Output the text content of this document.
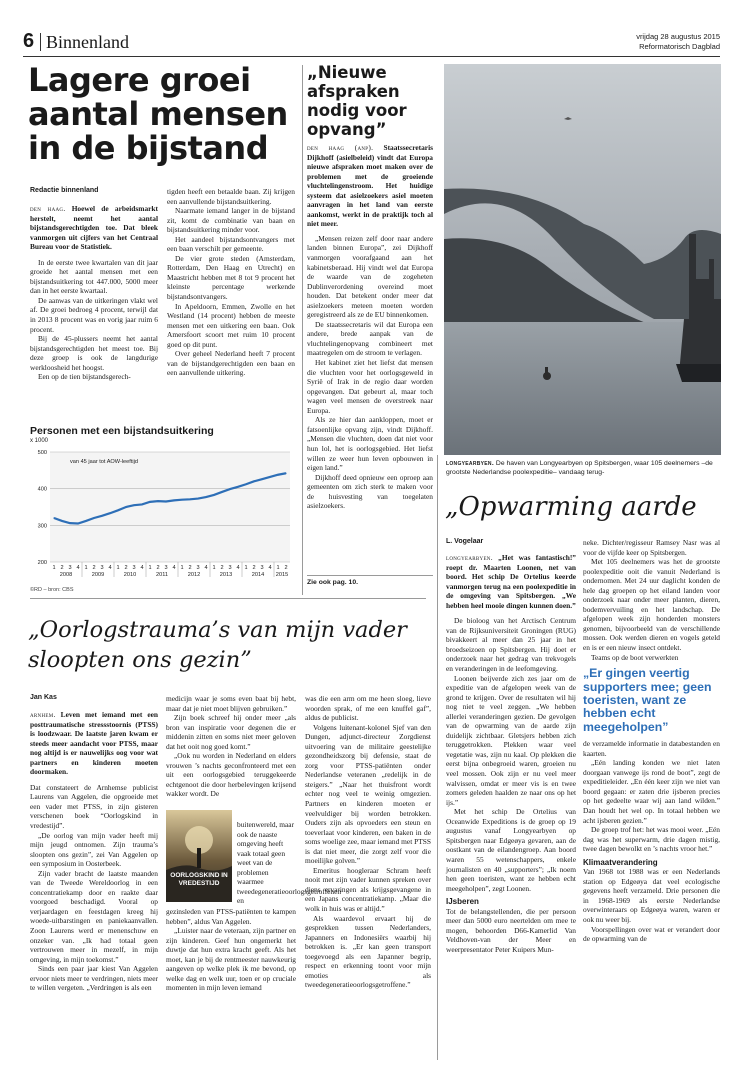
6 Binnenland	vrijdag 28 augustus 2015
Reformatorisch Dagblad
Lagere groei aantal mensen in de bijstand
Redactie binnenland

den haag. Hoewel de arbeidsmarkt herstelt, neemt het aantal bijstandsgerechtigden toe. Dat bleek vanmorgen uit cijfers van het Centraal Bureau voor de Statistiek.

In de eerste twee kwartalen van dit jaar groeide het aantal mensen met een bijstandsuitkering tot 447.000, 5000 meer dan in het eerste kwartaal.

De aanwas van de uitkeringen vlakt wel af. De groei bedroeg 4 procent, terwijl dat in 2013 8 procent was en vorig jaar ruim 6 procent.

Bij de 45-plussers neemt het aantal bijstandsgerechtigden het meest toe. Bij deze groep is ook de langdurige werkloosheid het hoogst.

Een op de tien bijstandsgerech-

tigden heeft een betaalde baan. Zij krijgen een aanvullende bijstandsuitkering.

Naarmate iemand langer in de bijstand zit, komt de combinatie van baan en bijstandsuitkering minder voor.

Het aandeel bijstandsontvangers met een baan verschilt per gemeente.

De vier grote steden (Amsterdam, Rotterdam, Den Haag en Utrecht) en Maastricht hebben met 8 tot 9 procent het kleinste percentage werkende bijstandsontvangers.

In Apeldoorn, Emmen, Zwolle en het Westland (14 procent) hebben de meeste mensen met een uitkering een baan. Ook Amersfoort scoort met ruim 10 procent goed op dit punt.

Over geheel Nederland heeft 7 procent van de bijstandgerechtigden een baan en een aanvullende uitkering.

Personen met een bijstandsuitkering
x 1000
200
300
400
500
1 2 3 4 1 2 3 4 1 2 3 4 1 2 3 4 1 2 3 4 1 2 3 4 1 2 3 4 1 2
2008	2009	2010	2011	2012	2013	2014 2015
van 45 jaar tot AOW-leeftijd
©RD – bron: CBS
„Nieuwe afspraken nodig voor opvang”

den haag (anp). Staatssecretaris Dijkhoff (asielbeleid) vindt dat Europa nieuwe afspraken moet maken over de problemen met de groeiende vluchtelingenstroom. Het huidige systeem dat asielzoekers asiel moeten aanvragen in het land van eerste aankomst, werkt in de praktijk toch al niet meer.

„Mensen reizen zelf door naar andere landen binnen Europa”, zei Dijkhoff vanmorgen voorafgaand aan het kabinetsberaad. Hij vindt wel dat Europa de waarde van de zogeheten Dublinverordening overeind moet houden. Dat betekent onder meer dat asielzoekers meteen moeten worden geregistreerd als ze de EU binnenkomen.

De staatssecretaris wil dat Europa een andere, brede aanpak van de vluchtelingenopvang combineert met maatregelen om de stroom te verlagen.

Het kabinet ziet het liefst dat mensen die vluchten voor het oorlogsgeweld in Syrië of Irak in de regio daar worden opgevangen. Dat gebeurt al, maar toch wagen veel mensen de overstreek naar Europa.

Als ze hier dan aankloppen, moet er fatsoenlijke opvang zijn, vindt Dijkhoff. „Mensen die vluchten, doen dat niet voor hun lol, het is oorlogsgebied. Het liefst willen ze weer hun leven opbouwen in eigen land.”

Dijkhoff deed opnieuw een oproep aan gemeenten om zich sterk te maken voor de huisvesting van toegelaten asielzoekers.

Zie ook pag. 10.
longyearbyen. De haven van Longyearbyen op Spitsbergen, waar 105 deelnemers –de grootste Nederlandse poolexpeditie– vandaag terug-
„Opwarming aarde
L. Vogelaar

longyearbyen. „Het was fantastisch!” roept dr. Maarten Loonen, net van boord. Het schip De Ortelius keerde vanmorgen terug na een poolexpeditie in de omgeving van Spitsbergen. „We hebben heel mooie dingen kunnen doen.”

De bioloog van het Arctisch Centrum van de Rijksuniversiteit Groningen (RUG) bivakkeert al meer dan 25 jaar in het broedseizoen op Spitsbergen. Hij doet er onderzoek naar het gedrag van trekvogels en veranderingen in de leefomgeving.

Loonen beijverde zich zes jaar om de expeditie van de afgelopen week van de grond te krijgen. Over de resultaten wil hij nog niet te veel zeggen. „We hebben allerlei veranderingen gezien. De gevolgen van de opwarming van de aarde zijn duidelijk zichtbaar. Gletsjers hebben zich teruggetrokken. Plekken waar veel vegetatie was, zijn nu kaal. Op plekken die eerst bijna onbegroeid waren, groeien nu veel mossen. Ook zijn er nu veel meer walvissen, omdat er meer vis is en twee zomers geleden haalden ze naar ons op het ijs.”

Met het schip De Ortelius van Oceanwide Expeditions is de groep op 19 augustus vanaf Longyearbyen op Spitsbergen naar Edgeøya gevaren, aan de oostkant van de eilandengroep. Aan boord waren 55 wetenschappers, enkele journalisten en 40 „supporters”; „Ik noem hen geen toeristen, want ze hebben echt meegeholpen”, zegt Loonen.

IJsberen

Tot de belangstellenden, die per persoon meer dan 5000 euro neertelden om mee te mogen, behoorden D66-Kamerlid Van Veldhoven-van der Meer en weerpresentator Peter Kuipers Mun-

neke. Dichter/regisseur Ramsey Nasr was al voor de vijfde keer op Spitsbergen.

Met 105 deelnemers was het de grootste poolexpeditie ooit die vanuit Nederland is ondernomen. Met 24 uur daglicht konden de hele dag groepen op het eiland landen voor onderzoek naar onder meer planten, dieren, bodemvervuiling en het landschap. De afgelopen week zijn honderden monsters genomen, bijvoorbeeld van de verschillende mossen. Ook werden dieren en vogels geteld en is er een nieuw insect ontdekt.

Teams op de boot verwerkten

„Er gingen veertig supporters mee; geen toeristen, want ze hebben echt meegeholpen”

de verzamelde informatie in databestanden en kaarten.

„Eén landing konden we niet laten doorgaan vanwege ijs rond de boot”, zegt de expeditieleider. „En één keer zijn we niet van boord gegaan: er zaten drie ijsberen precies op het gedeelte waar wij aan land wilden.” Dan houdt het wel op. In totaal hebben we acht ijsberen gezien.”

De groep trof het: het was mooi weer. „Eén dag was het superwarm, drie dagen mistig, twee dagen bewolkt en ’s nachts vroor het.”

Klimaatverandering

Van 1968 tot 1988 was er een Nederlands station op Edgeøya dat veel ecologische gegevens heeft verzameld. Drie personen die in 1968-1969 als eerste Nederlandse overwinteraars op Edgeøya waren, waren er ook nu weer bij.

Voorspellingen over wat er verandert door de opwarming van de

„Oorlogstrauma’s van mijn vader sloopten ons gezin”
Jan Kas

arnhem. Leven met iemand met een posttraumatische stressstoornis (PTSS) is loodzwaar. De laatste jaren kwam er steeds meer aandacht voor PTSS, maar nog altijd is er nauwelijks oog voor wat partners en kinderen moeten doormaken.

Dat constateert de Arnhemse publicist Laurens van Aggelen, die opgroeide met een vader met PTSS, in zijn gisteren verschenen boek “Oorlogskind in vredestijd”.

„De oorlog van mijn vader heeft mij mijn jeugd ontnomen. Zijn trauma’s sloopten ons gezin”, zei Van Aggelen op een symposium in Oosterbeek.

Zijn vader bracht de laatste maanden van de Tweede Wereldoorlog in een concentratiekamp door en raakte daar voorgoed beschadigd. Vooral op verjaardagen en feestdagen kreeg hij woede-uitbarstingen en paniekaanvallen. Zoon Laurens werd er menenschuw en onzeker van. „Ik had totaal geen vertrouwen meer in mezelf, in mijn omgeving, in mijn toekomst.”

Sinds een paar jaar kiest Van Aggelen ervoor niets meer te verdringen, niets meer te willen vergeten. „Verdringen is als een

medicijn waar je soms even baat bij hebt, maar dat je niet moet blijven gebruiken.”

Zijn boek schreef hij onder meer „als bron van inspiratie voor degenen die er middenin zitten en soms niet meer geloven dat het ooit nog goed komt.”

„Ook nu worden in Nederland en elders vrouwen ’s nachts geconfronteerd met een uit een oorlogsgebied teruggekeerde echtgenoot die door herbelevingen krijsend wakker wordt. De

OORLOGSKIND IN VREDESTIJD
buitenwereld, maar ook de naaste omgeving heeft vaak totaal geen weet van de problemen waarmee tweedegeneratieoorlogsgetroffenen en

gezinsleden van PTSS-patiënten te kampen hebben”, aldus Van Aggelen.

„Luister naar de veteraan, zijn partner en zijn kinderen. Geef hun ongemerkt het duwtje dat hun extra kracht geeft. Als het moet, kan je bij de rentmeester nauwkeurig aangeven op welke plek ik me bevond, op welke dag en welk uur, toen er op cruciale momenten in mijn leven iemand

was die een arm om me heen sloeg, lieve woorden sprak, of me een knuffel gaf”, aldus de publicist.

Volgens luitenant-kolonel Sjef van den Dungen, adjunct-directeur Zorgdienst uitvoering van de militaire geestelijke gezondheidszorg bij defensie, staat de zorg voor PTSS-patiënten onder Nederlandse veteranen „redelijk in de steigers.” „Naar het thuisfront wordt echter nog veel te weinig omgezien. Partners en kinderen moeten er veelvuldiger bij worden betrokken. Ouders zijn als opvoeders een steun en toeverlaat voor kinderen, een baken in de soms woelige zee, maar iemand met PTSS is dat niet meer, die zorgt zelf voor die moeilijke golven.”

Emeritus hoogleraar Schram heeft nooit met zijn vader kunnen spreken over diens ervaringen als krijgsgevangene in een Japans concentratiekamp. „Maar die wolk in huis was er altijd.”

Als waardevol ervaart hij de gesprekken tussen Nederlanders, Japanners en Indonesiërs waarbij hij betrokken is. „Er kan geen transport toegevoegd als een Japanner begrip, respect en erkenning toont voor mijn emoties als tweedegeneratieoorlogsgetroffene.”
